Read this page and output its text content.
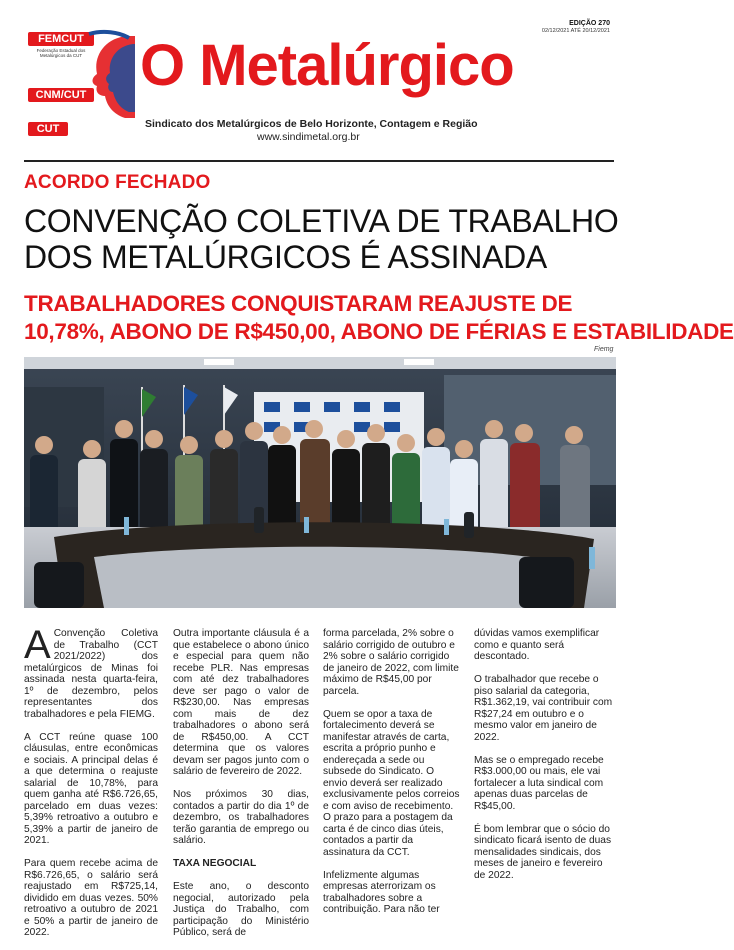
FEMCUT
Federação Estadual dos Metalúrgicos da CUT
CNM/CUT
CUT
O Metalúrgico
Sindicato dos Metalúrgicos de Belo Horizonte, Contagem e Região
www.sindimetal.org.br
EDIÇÃO 270
02/12/2021 ATÉ 20/12/2021
ACORDO FECHADO
CONVENÇÃO COLETIVA DE TRABALHO
DOS METALÚRGICOS É ASSINADA
TRABALHADORES CONQUISTARAM REAJUSTE DE
10,78%, ABONO DE R$450,00, ABONO DE FÉRIAS E ESTABILIDADE
Fiemg

A Convenção Coletiva de Trabalho (CCT 2021/2022) dos metalúrgicos de Minas foi assinada nesta quarta-feira, 1º de dezembro, pelos representantes dos trabalhadores e pela FIEMG.

A CCT reúne quase 100 cláusulas, entre econômicas e sociais. A principal delas é a que determina o reajuste salarial de 10,78%, para quem ganha até R$6.726,65, parcelado em duas vezes: 5,39% retroativo a outubro e 5,39% a partir de janeiro de 2021.

Para quem recebe acima de R$6.726,65, o salário será reajustado em R$725,14, dividido em duas vezes. 50% retroativo a outubro de 2021 e 50% a partir de janeiro de 2022.

Outra importante cláusula é a que estabelece o abono único e especial para quem não recebe PLR. Nas empresas com até dez trabalhadores deve ser pago o valor de R$230,00. Nas empresas com mais de dez trabalhadores o abono será de R$450,00. A CCT determina que os valores devam ser pagos junto com o salário de fevereiro de 2022.

Nos próximos 30 dias, contados a partir do dia 1º de dezembro, os trabalhadores terão garantia de emprego ou salário.

TAXA NEGOCIAL

Este ano, o desconto negocial, autorizado pela Justiça do Trabalho, com participação do Ministério Público, será de

forma parcelada, 2% sobre o salário corrigido de outubro e 2% sobre o salário corrigido de janeiro de 2022, com limite máximo de R$45,00 por parcela.

Quem se opor a taxa de fortalecimento deverá se manifestar através de carta, escrita a próprio punho e endereçada a sede ou subsede do Sindicato. O envio deverá ser realizado exclusivamente pelos correios e com aviso de recebimento. O prazo para a postagem da carta é de cinco dias úteis, contados a partir da assinatura da CCT.

Infelizmente algumas empresas aterrorizam os trabalhadores sobre a contribuição. Para não ter

dúvidas vamos exemplificar como e quanto será descontado.

O trabalhador que recebe o piso salarial da categoria, R$1.362,19, vai contribuir com R$27,24 em outubro e o mesmo valor em janeiro de 2022.

Mas se o empregado recebe R$3.000,00 ou mais, ele vai fortalecer a luta sindical com apenas duas parcelas de R$45,00.

É bom lembrar que o sócio do sindicato ficará isento de duas mensalidades sindicais, dos meses de janeiro e fevereiro de 2022.
